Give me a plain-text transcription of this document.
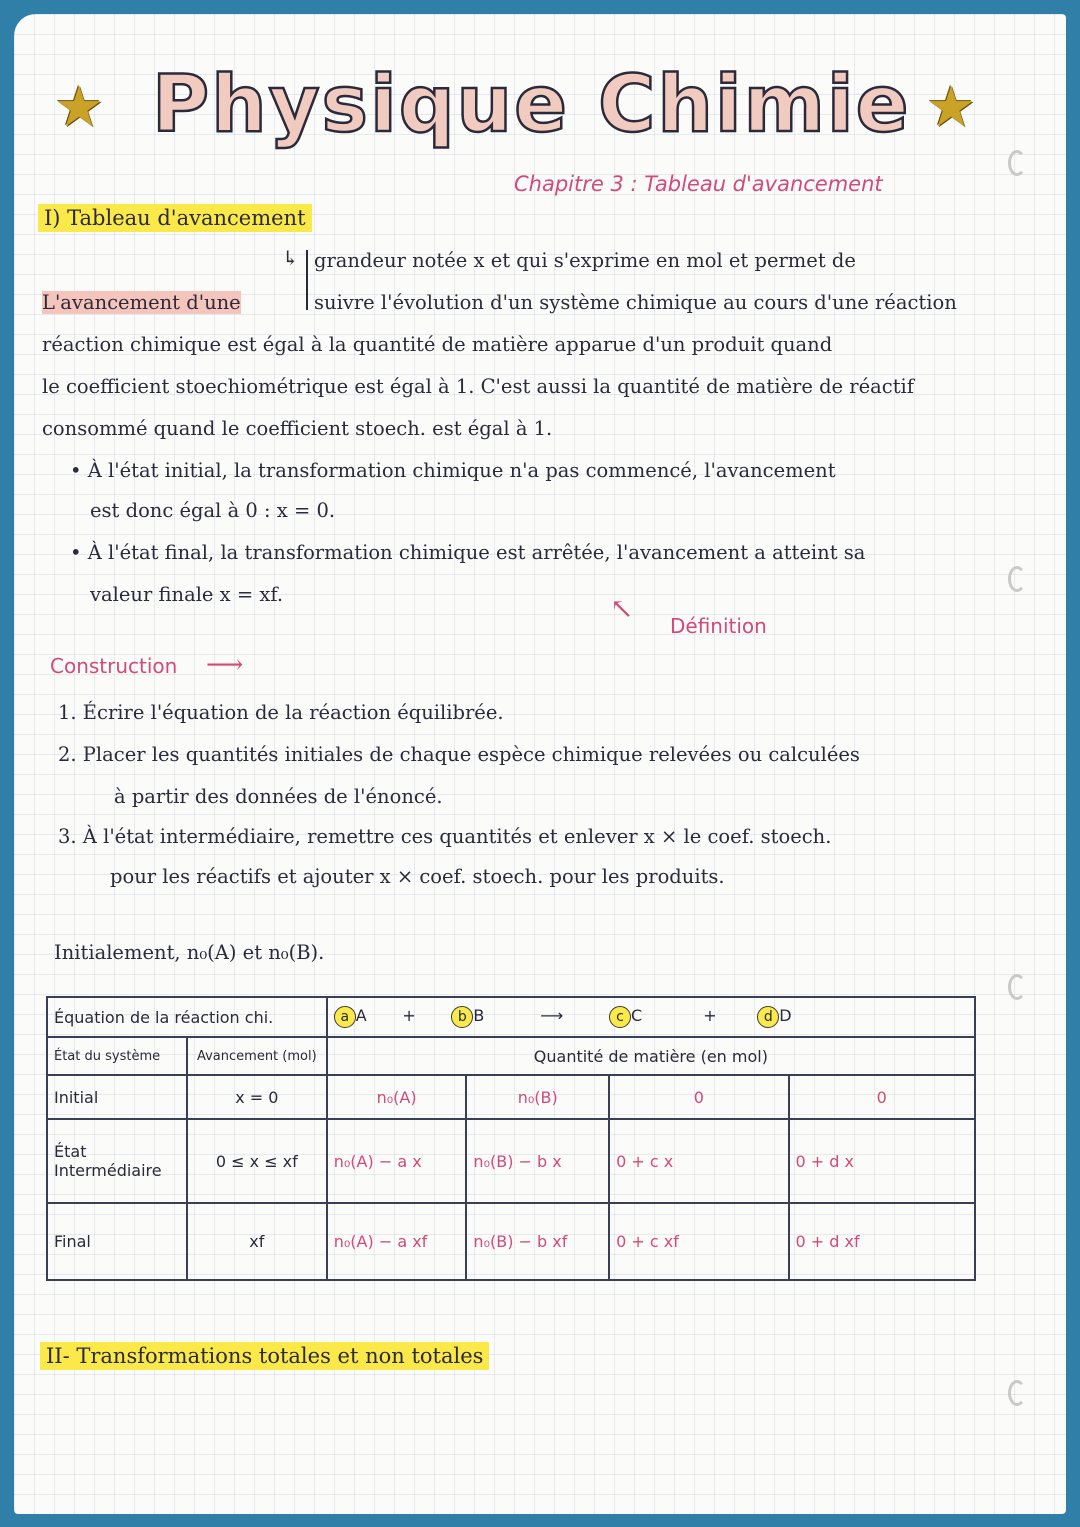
★	★
Physique Chimie
Chapitre 3 : Tableau d'avancement
I) Tableau d'avancement
↳ grandeur notée x et qui s'exprime en mol et permet de
suivre l'évolution d'un système chimique au cours d'une réaction
L'avancement d'une
réaction chimique est égal à la quantité de matière apparue d'un produit quand
le coefficient stoechiométrique est égal à 1. C'est aussi la quantité de matière de réactif
consommé quand le coefficient stoech. est égal à 1.
• À l'état initial, la transformation chimique n'a pas commencé, l'avancement
est donc égal à 0 : x = 0.
• À l'état final, la transformation chimique est arrêtée, l'avancement a atteint sa
valeur finale x = xf.	↖
Définition
Construction ⟶
1. Écrire l'équation de la réaction équilibrée.
2. Placer les quantités initiales de chaque espèce chimique relevées ou calculées
à partir des données de l'énoncé.
3. À l'état intermédiaire, remettre ces quantités et enlever x × le coef. stoech.
pour les réactifs et ajouter x × coef. stoech. pour les produits.
Initialement, n₀(A) et n₀(B).
Équation de la réaction chi.		a A + b B ⟶ c C + d D			
État du système	Avancement (mol)	Quantité de matière (en mol)			
Initial	x = 0	n₀(A)	n₀(B)	0	0
État Intermédiaire	0 ≤ x ≤ xf	n₀(A) − a x	n₀(B) − b x	0 + c x	0 + d x
Final	xf	n₀(A) − a xf	n₀(B) − b xf	0 + c xf	0 + d xf
II- Transformations totales et non totales
